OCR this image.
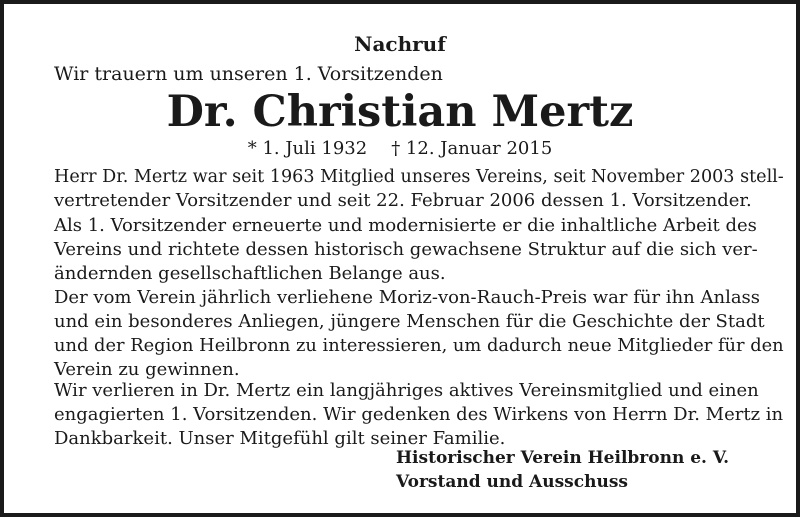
Nachruf
Wir trauern um unseren 1. Vorsitzenden
Dr. Christian Mertz
* 1. Juli 1932 † 12. Januar 2015
Herr Dr. Mertz war seit 1963 Mitglied unseres Vereins, seit November 2003 stell-
vertretender Vorsitzender und seit 22. Februar 2006 dessen 1. Vorsitzender.
Als 1. Vorsitzender erneuerte und modernisierte er die inhaltliche Arbeit des
Vereins und richtete dessen historisch gewachsene Struktur auf die sich ver-
ändernden gesellschaftlichen Belange aus.
Der vom Verein jährlich verliehene Moriz-von-Rauch-Preis war für ihn Anlass
und ein besonderes Anliegen, jüngere Menschen für die Geschichte der Stadt
und der Region Heilbronn zu interessieren, um dadurch neue Mitglieder für den
Verein zu gewinnen.
Wir verlieren in Dr. Mertz ein langjähriges aktives Vereinsmitglied und einen
engagierten 1. Vorsitzenden. Wir gedenken des Wirkens von Herrn Dr. Mertz in
Dankbarkeit. Unser Mitgefühl gilt seiner Familie.
Historischer Verein Heilbronn e. V.
Vorstand und Ausschuss
